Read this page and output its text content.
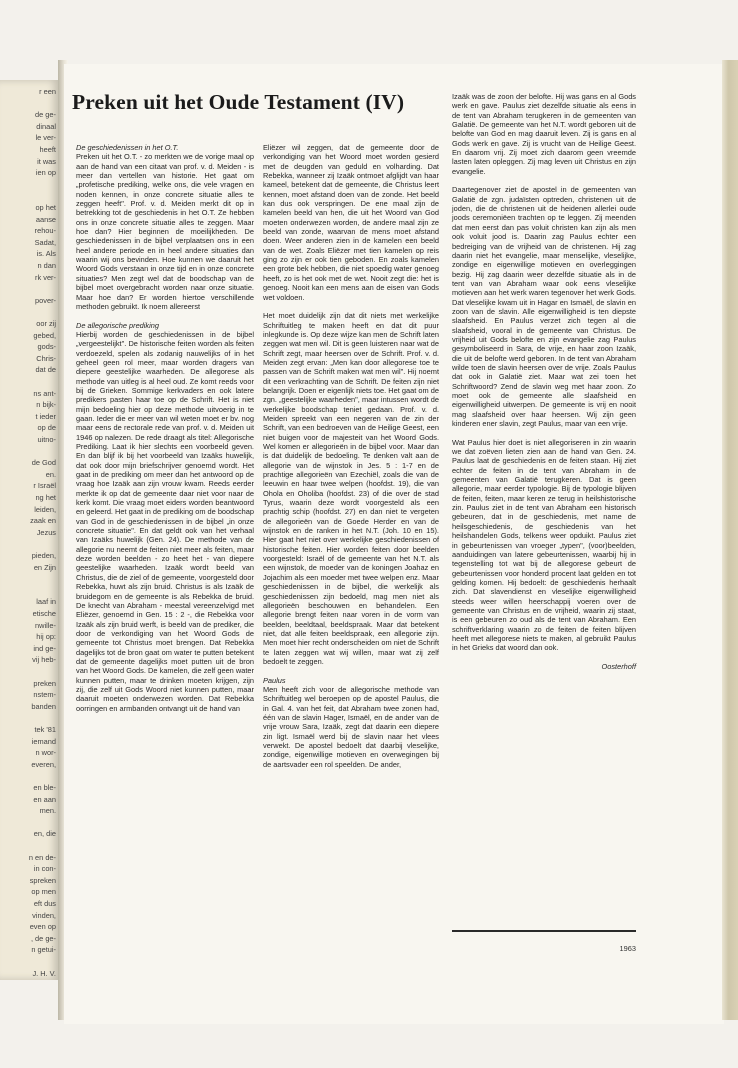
r een
de ge-
dinaal
le ver-
heeft
it was
ien op
op het
aanse
rehou-
Sadat,
is. Als
n dan
rk ver-
pover-
oor zij
gebed,
gods-
Chris-
dat de
ns ant-
n bijk-
t ieder
op de
uitno-
de God
en.
r Israël
ng het
leiden,
zaak en
Jezus
pieden,
en Zijn
laaf in
etische
nwille-
hij op:
ind ge-
vij heb-
preken
nstem-
banden
tek '81
iemand
n wor-
everen,
en ble-
en aan
men.
en, die
n en de-
in con-
spreken
op men
eft dus
vinden,
even op
, de ge-
n getui-
J. H. V.
Preken uit het Oude Testament (IV)

De geschiedenissen in het O.T.

Preken uit het O.T. - zo merkten we de vorige maal op aan de hand van een citaat van prof. v. d. Meiden - is meer dan vertellen van historie. Het gaat om „profetische prediking, welke ons, die vele vragen en noden kennen, in onze concrete situatie alles te zeggen heeft". Prof. v. d. Meiden merkt dit op in betrekking tot de geschiedenis in het O.T. Ze hebben ons in onze concrete situatie alles te zeggen. Maar hoe dan? Hier beginnen de moeilijkheden. De geschiedenissen in de bijbel verplaatsen ons in een heel andere periode en in heel andere situaties dan waarin wij ons bevinden. Hoe kunnen we daaruit het Woord Gods verstaan in onze tijd en in onze concrete situaties? Men zegt wel dat de boodschap van de bijbel moet overgebracht worden naar onze situatie. Maar hoe dan? Er worden hiertoe verschillende methoden gebruikt. Ik noem allereerst

De allegorische prediking

Hierbij worden de geschiedenissen in de bijbel „vergeestelijkt". De historische feiten worden als feiten verdoezeld, spelen als zodanig nauwelijks of in het geheel geen rol meer, maar worden dragers van diepere geestelijke waarheden. De allegorese als methode van uitleg is al heel oud. Ze komt reeds voor bij de Grieken. Sommige kerkvaders en ook latere predikers pasten haar toe op de Schrift. Het is niet mijn bedoeling hier op deze methode uitvoerig in te gaan. Ieder die er meer van wil weten moet er bv. nog maar eens de rectorale rede van prof. v. d. Meiden uit 1946 op nalezen. De rede draagt als titel: Allegorische Prediking. Laat ik hier slechts een voorbeeld geven. En dan blijf ik bij het voorbeeld van Izaäks huwelijk, dat ook door mijn briefschrijver genoemd wordt. Het gaat in de prediking om meer dan het antwoord op de vraag hoe Izaäk aan zijn vrouw kwam. Reeds eerder merkte ik op dat de gemeente daar niet voor naar de kerk komt. Die vraag moet eiders worden beantwoord en geleerd. Het gaat in de prediking om de boodschap van God in de geschiedenissen in de bijbel „in onze concrete situatie". En dat geldt ook van het verhaal van Izaäks huwelijk (Gen. 24). De methode van de allegorie nu neemt de feiten niet meer als feiten, maar deze worden beelden - zo heet het - van diepere geestelijke waarheden. Izaäk wordt beeld van Christus, die de ziel of de gemeente, voorgesteld door Rebekka, huwt als zijn bruid. Christus is als Izaäk de bruidegom en de gemeente is als Rebekka de bruid. De knecht van Abraham - meestal vereenzelvigd met Eliëzer, genoemd in Gen. 15 : 2 -, die Rebekka voor Izaäk als zijn bruid werft, is beeld van de prediker, die door de verkondiging van het Woord Gods de gemeente tot Christus moet brengen. Dat Rebekka dagelijks tot de bron gaat om water te putten betekent dat de gemeente dagelijks moet putten uit de bron van het Woord Gods. De kamelen, die zelf geen water kunnen putten, maar te drinken moeten krijgen, zijn zij, die zelf uit Gods Woord niet kunnen putten, maar daaruit moeten onderwezen worden. Dat Rebekka oorringen en armbanden ontvangt uit de hand van

Eliëzer wil zeggen, dat de gemeente door de verkondiging van het Woord moet worden gesierd met de deugden van geduld en volharding. Dat Rebekka, wanneer zij Izaäk ontmoet afglijdt van haar kameel, betekent dat de gemeente, die Christus leert kennen, moet afstand doen van de zonde. Het beeld kan dus ook verspringen. De ene maal zijn de kamelen beeld van hen, die uit het Woord van God moeten onderwezen worden, de andere maal zijn ze beeld van zonde, waarvan de mens moet afstand doen. Weer anderen zien in de kamelen een beeld van de wet. Zoals Eliëzer met tien kamelen op reis ging zo zijn er ook tien geboden. En zoals kamelen een grote bek hebben, die niet spoedig water genoeg heeft, zo is het ook met de wet. Nooit zegt die: het is genoeg. Nooit kan een mens aan de eisen van Gods wet voldoen.

Het moet duidelijk zijn dat dit niets met werkelijke Schriftuitleg te maken heeft en dat dit puur inlegkunde is. Op deze wijze kan men de Schrift laten zeggen wat men wil. Dit is geen luisteren naar wat de Schrift zegt, maar heersen over de Schrift. Prof. v. d. Meiden zegt ervan: „Men kan door allegorese toe te passen van de Schrift maken wat men wil". Hij noemt dit een verkrachting van de Schrift. De feiten zijn niet belangrijk. Doen er eigenlijk niets toe. Het gaat om de zgn. „geestelijke waarheden", maar intussen wordt de werkelijke boodschap teniet gedaan. Prof. v. d. Meiden spreekt van een negeren van de zin der Schrift, van een bedroeven van de Heilige Geest, een niet buigen voor de majesteit van het Woord Gods. Wel komen er allegorieën in de bijbel voor. Maar dan is dat duidelijk de bedoeling. Te denken valt aan de allegorie van de wijnstok in Jes. 5 : 1-7 en de prachtige allegorieën van Ezechiël, zoals die van de leeuwin en haar twee welpen (hoofdst. 19), die van Ohola en Oholiba (hoofdst. 23) of die over de stad Tyrus, waarin deze wordt voorgesteld als een prachtig schip (hoofdst. 27) en dan niet te vergeten de allegorieën van de Goede Herder en van de wijnstok en de ranken in het N.T. (Joh. 10 en 15). Hier gaat het niet over werkelijke geschiedenissen of historische feiten. Hier worden feiten door beelden voorgesteld: Israël of de gemeente van het N.T. als een wijnstok, de moeder van de koningen Joahaz en Jojachim als een moeder met twee welpen enz. Maar geschiedenissen in de bijbel, die werkelijk als geschiedenissen zijn bedoeld, mag men niet als allegorieën beschouwen en behandelen. Een allegorie brengt feiten naar voren in de vorm van beelden, beeldtaal, beeldspraak. Maar dat betekent niet, dat alle feiten beeldspraak, een allegorie zijn. Men moet hier recht onderscheiden om niet de Schrift te laten zeggen wat wij willen, maar wat zij zelf bedoelt te zeggen.

Paulus

Men heeft zich voor de allegorische methode van Schriftuitleg wel beroepen op de apostel Paulus, die in Gal. 4. van het feit, dat Abraham twee zonen had, één van de slavin Hager, Ismaël, en de ander van de vrije vrouw Sara, Izaäk, zegt dat daarin een diepere zin ligt. Ismaël werd bij de slavin naar het vlees verwekt. De apostel bedoelt dat daarbij vleselijke, zondige, eigenwillige motieven en overwegingen bij de aartsvader een rol speelden. De ander,

Izaäk was de zoon der belofte. Hij was gans en al Gods werk en gave. Paulus ziet dezelfde situatie als eens in de tent van Abraham terugkeren in de gemeenten van Galatië. De gemeente van het N.T. wordt geboren uit de belofte van God en mag daaruit leven. Zij is gans en al Gods werk en gave. Zij is vrucht van de Heilige Geest. En daarom vrij. Zij moet zich daarom geen vreemde lasten laten opleggen. Zij mag leven uit Christus en zijn evangelie.

Daartegenover ziet de apostel in de gemeenten van Galatië de zgn. judaïsten optreden, christenen uit de joden, die de christenen uit de heidenen allerlei oude joods ceremoniëen trachten op te leggen. Zij meenden dat men eerst dan pas voluit christen kan zijn als men ook voluit jood is. Daarin zag Paulus echter een bedreiging van de vrijheid van de christenen. Hij zag daarin niet het evangelie, maar menselijke, vleselijke, zondige en eigenwillige motieven en overleggingen bezig. Hij zag daarin weer dezelfde situatie als in de tent van van Abraham waar ook eens vleselijke motieven aan het werk waren tegenover het werk Gods. Dat vleselijke kwam uit in Hagar en Ismaël, de slavin en zoon van de slavin. Alle eigenwilligheid is ten diepste slaafsheid. En Paulus verzet zich tegen al die slaafsheid, vooral in de gemeente van Christus. De vrijheid uit Gods belofte en zijn evangelie zag Paulus gesymboliseerd in Sara, de vrije, en haar zoon Izaäk, die uit de belofte werd geboren. In de tent van Abraham wilde toen de slavin heersen over de vrije. Zoals Paulus dat ook in Galatië ziet. Maar wat zei toen het Schriftwoord? Zend de slavin weg met haar zoon. Zo moet ook de gemeente alle slaafsheid en eigenwilligheid uitwerpen. De gemeente is vrij en nooit mag slaafsheid over haar heersen. Wij zijn geen kinderen ener slavin, zegt Paulus, maar van een vrije.

Wat Paulus hier doet is niet allegoriseren in zin waarin we dat zoëven lieten zien aan de hand van Gen. 24. Paulus laat de geschiedenis en de feiten staan. Hij ziet echter de feiten in de tent van Abraham in de gemeenten van Galatië terugkeren. Dat is geen allegorie, maar eerder typologie. Bij de typologie blijven de feiten, feiten, maar keren ze terug in heilshistorische zin. Paulus ziet in de tent van Abraham een historisch gebeuren, dat in de geschiedenis, met name de heilsgeschiedenis, de geschiedenis van het heilshandelen Gods, telkens weer opduikt. Paulus ziet in gebeurtenissen van vroeger „typen", (voor)beelden, aanduidingen van latere gebeurtenissen, waarbij hij in tegenstelling tot wat bij de allegorese gebeurt de gebeurtenissen voor honderd procent laat gelden en tot gelding komen. Hij bedoelt: de geschiedenis herhaalt zich. Dat slavendienst en vleselijke eigenwilligheid steeds weer willen heerschappij voeren over de gemeente van Christus en de vrijheid, waarin zij staat, is een gebeuren zo oud als de tent van Abraham. Een schriftverklaring waarin zo de feiten de feiten blijven heeft met allegorese niets te maken, al gebruikt Paulus in het Grieks dat woord dan ook.

Oosterhoff

1963
